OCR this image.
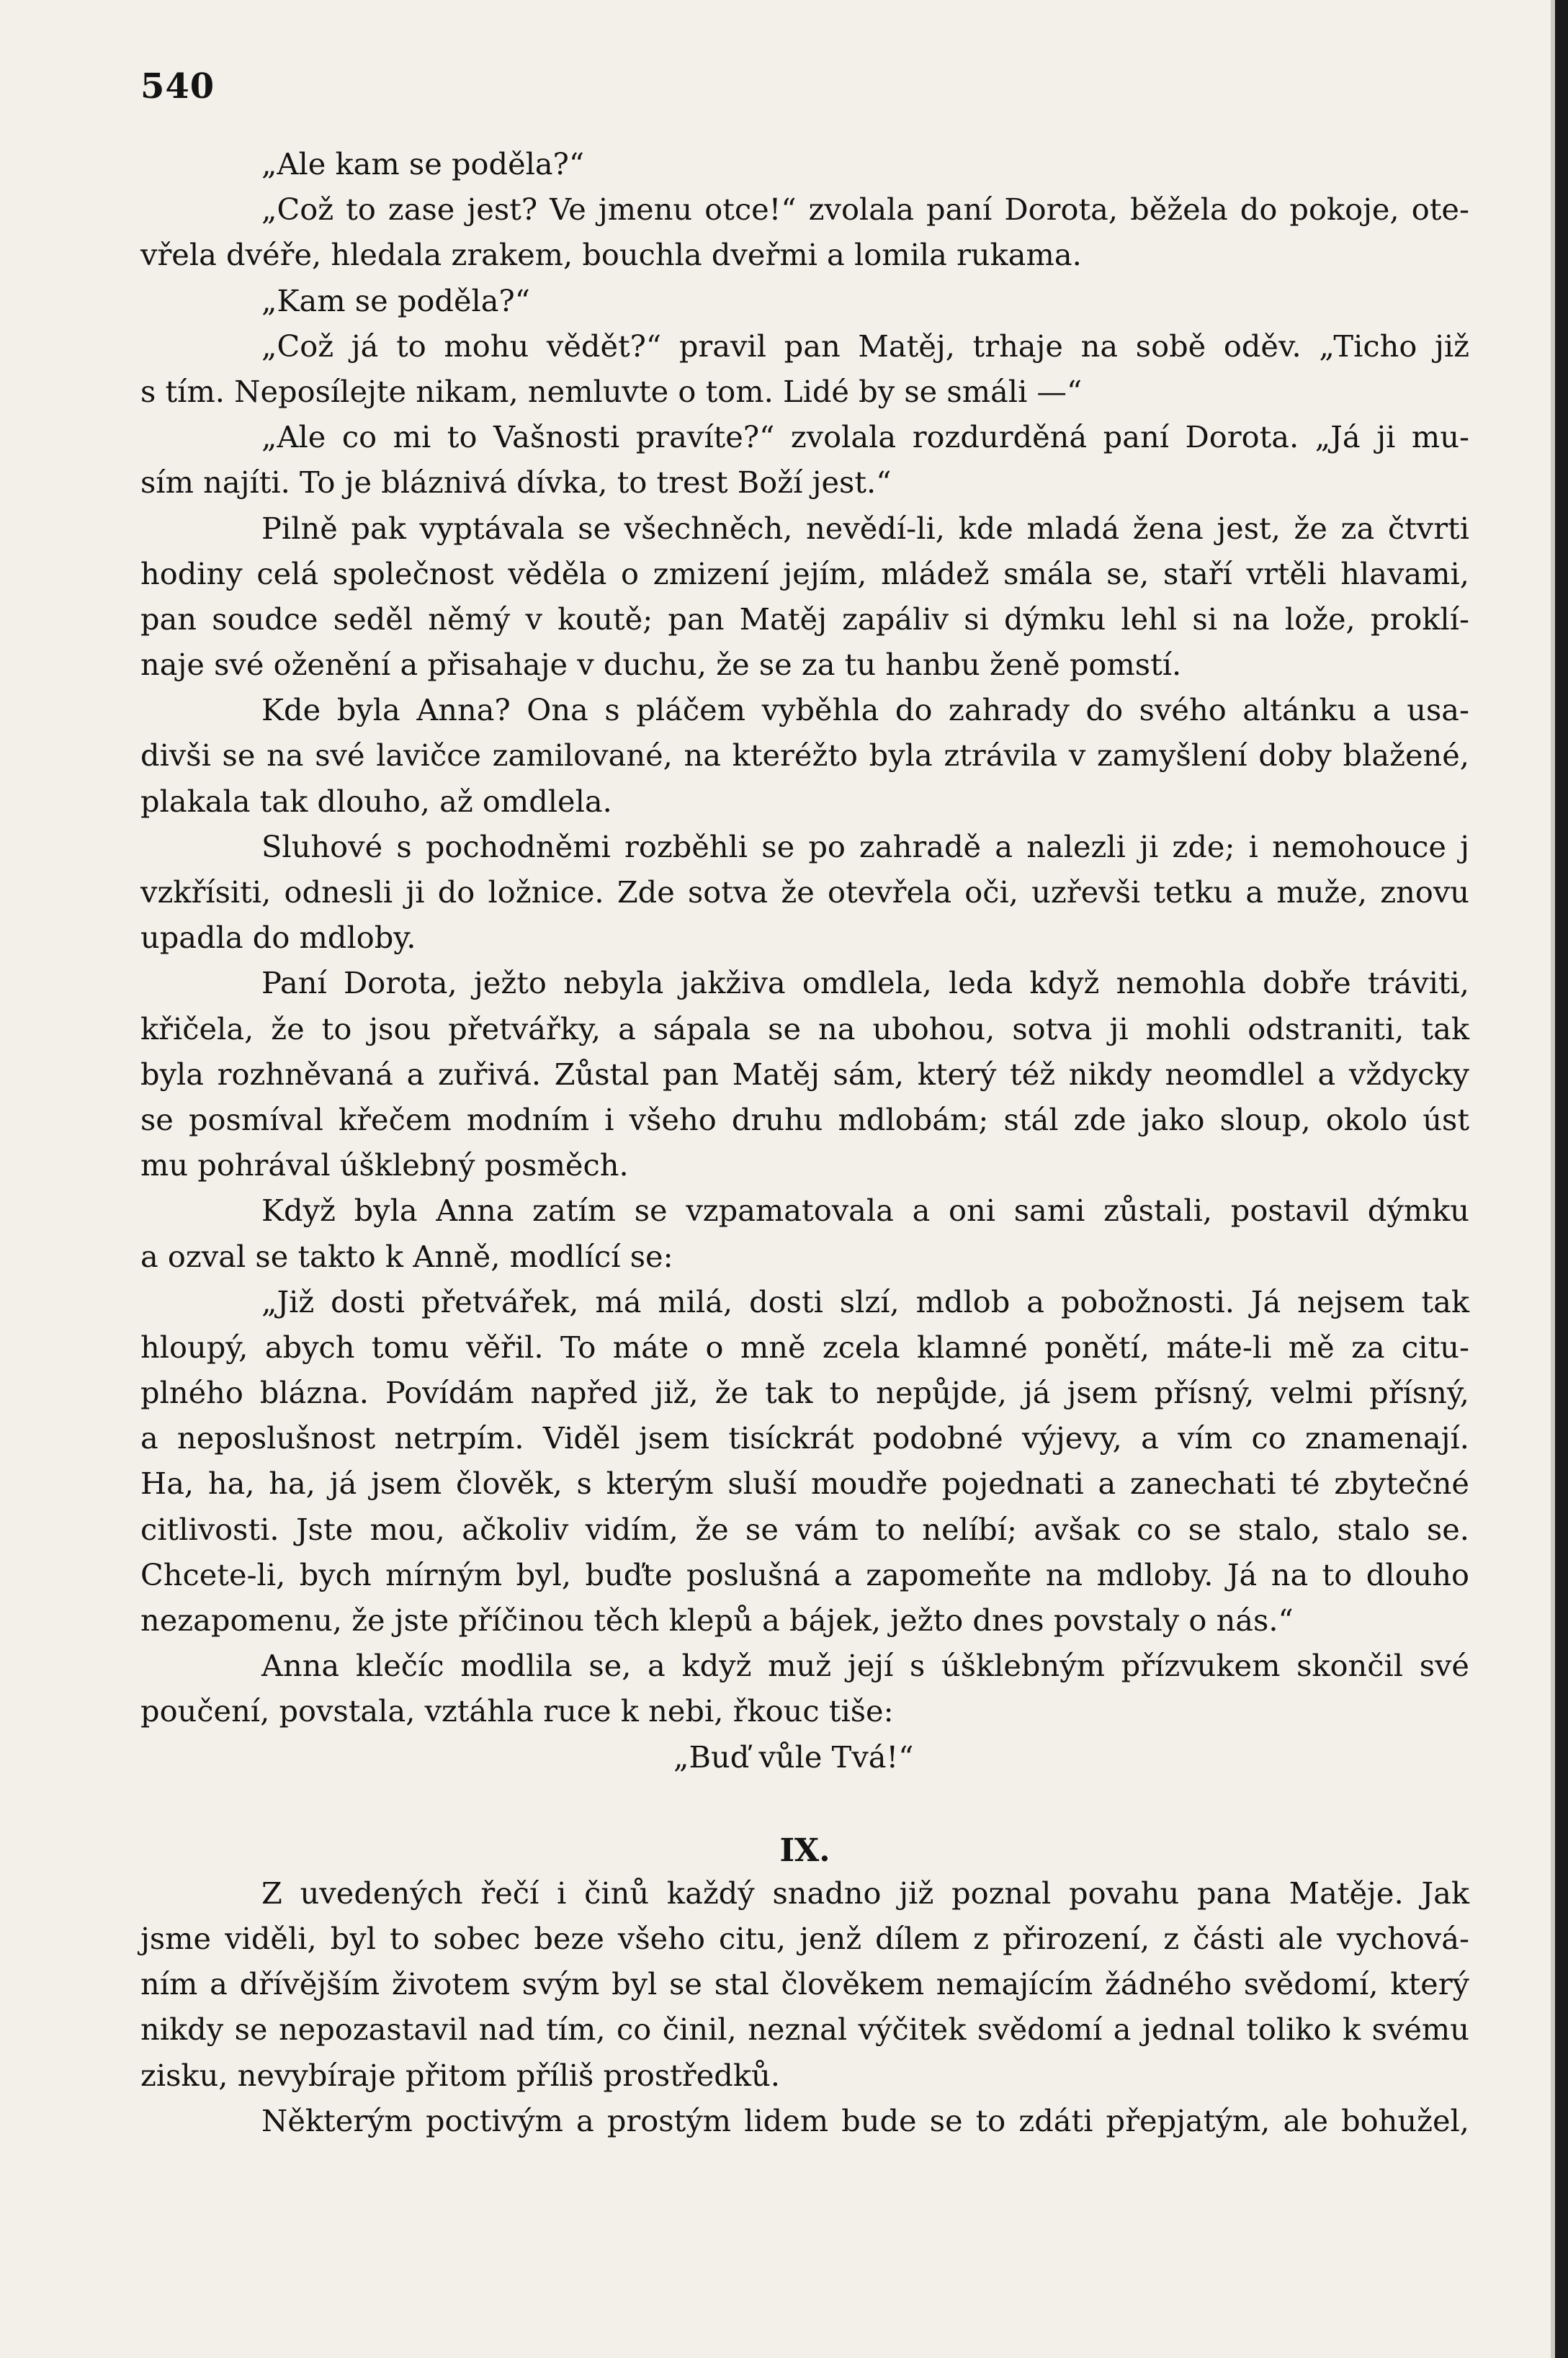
540
„Ale kam se poděla?“
„Což to zase jest? Ve jmenu otce!“ zvolala paní Dorota, běžela do pokoje, ote-
vřela dvéře, hledala zrakem, bouchla dveřmi a lomila rukama.
„Kam se poděla?“
„Což já to mohu vědět?“ pravil pan Matěj, trhaje na sobě oděv. „Ticho již
s tím. Neposílejte nikam, nemluvte o tom. Lidé by se smáli —“
„Ale co mi to Vašnosti pravíte?“ zvolala rozdurděná paní Dorota. „Já ji mu-
sím najíti. To je bláznivá dívka, to trest Boží jest.“
Pilně pak vyptávala se všechněch, nevědí-li, kde mladá žena jest, že za čtvrti
hodiny celá společnost věděla o zmizení jejím, mládež smála se, staří vrtěli hlavami,
pan soudce seděl němý v koutě; pan Matěj zapáliv si dýmku lehl si na lože, proklí-
naje své oženění a přisahaje v duchu, že se za tu hanbu ženě pomstí.
Kde byla Anna? Ona s pláčem vyběhla do zahrady do svého altánku a usa-
divši se na své lavičce zamilované, na kteréžto byla ztrávila v zamyšlení doby blažené,
plakala tak dlouho, až omdlela.
Sluhové s pochodněmi rozběhli se po zahradě a nalezli ji zde; i nemohouce j
vzkřísiti, odnesli ji do ložnice. Zde sotva že otevřela oči, uzřevši tetku a muže, znovu
upadla do mdloby.
Paní Dorota, ježto nebyla jakživa omdlela, leda když nemohla dobře tráviti,
křičela, že to jsou přetvářky, a sápala se na ubohou, sotva ji mohli odstraniti, tak
byla rozhněvaná a zuřivá. Zůstal pan Matěj sám, který též nikdy neomdlel a vždycky
se posmíval křečem modním i všeho druhu mdlobám; stál zde jako sloup, okolo úst
mu pohrával úšklebný posměch.
Když byla Anna zatím se vzpamatovala a oni sami zůstali, postavil dýmku
a ozval se takto k Anně, modlící se:
„Již dosti přetvářek, má milá, dosti slzí, mdlob a pobožnosti. Já nejsem tak
hloupý, abych tomu věřil. To máte o mně zcela klamné ponětí, máte-li mě za citu-
plného blázna. Povídám napřed již, že tak to nepůjde, já jsem přísný, velmi přísný,
a neposlušnost netrpím. Viděl jsem tisíckrát podobné výjevy, a vím co znamenají.
Ha, ha, ha, já jsem člověk, s kterým sluší moudře pojednati a zanechati té zbytečné
citlivosti. Jste mou, ačkoliv vidím, že se vám to nelíbí; avšak co se stalo, stalo se.
Chcete-li, bych mírným byl, buďte poslušná a zapomeňte na mdloby. Já na to dlouho
nezapomenu, že jste příčinou těch klepů a bájek, ježto dnes povstaly o nás.“
Anna klečíc modlila se, a když muž její s úšklebným přízvukem skončil své
poučení, povstala, vztáhla ruce k nebi, řkouc tiše:
„Buď vůle Tvá!“
IX.
Z uvedených řečí i činů každý snadno již poznal povahu pana Matěje. Jak
jsme viděli, byl to sobec beze všeho citu, jenž dílem z přirození, z části ale vychová-
ním a dřívějším životem svým byl se stal člověkem nemajícím žádného svědomí, který
nikdy se nepozastavil nad tím, co činil, neznal výčitek svědomí a jednal toliko k svému
zisku, nevybíraje přitom příliš prostředků.
Některým poctivým a prostým lidem bude se to zdáti přepjatým, ale bohužel,
